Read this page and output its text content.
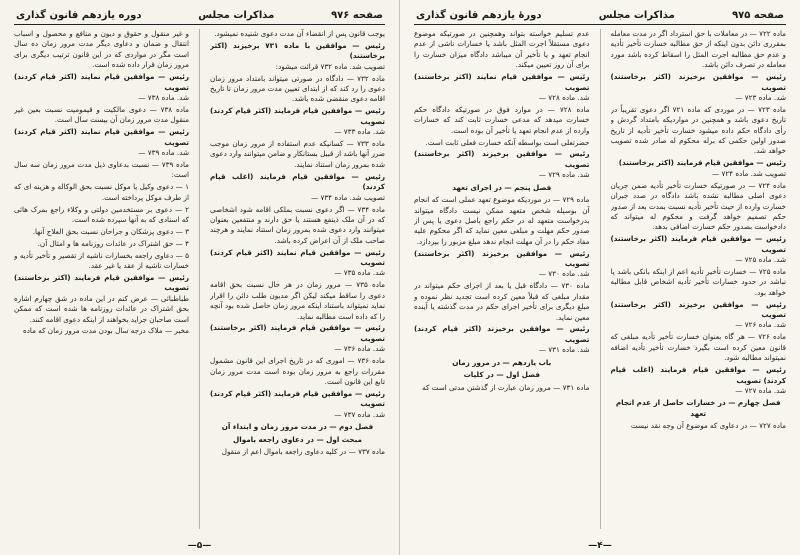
صفحه ۹۷۶
مذاکرات مجلس
دوره یازدهم قانون گذاری

یوجب قانون پس از انقضاء آن مدت دعوی شنیده نمیشود.

رئیس — موافقین با ماده ۷۳۱ برخیزند (اکثر برخاستند)

تصویب شد. ماده ۷۳۲ قرائت میشود:

ماده ۷۳۲ — دادگاه در صورتی میتواند بامتداد مرور زمان دعوی را رد کند که از ابتدای تعیین مدت مرور زمان تا تاریخ اقامه دعوی منقضی شده باشد.

رئیس — موافقین قیام فرمایند (اکثر قیام کردند) تصویب

شد. ماده ۷۳۳ —

ماده ۷۳۳ — کسانیکه عدم استفاده از مرور زمان موجب ضرر آنها باشد از قبیل بستانکار و ضامن میتوانند وارد دعوی شده بمرور زمان استناد نمایند.

رئیس — موافقین قیام فرمایند (اغلب قیام کردند)

تصویب شد. ماده ۷۳۴ —

ماده ۷۳۴ — اگر دعوی نسبت بملکی اقامه شود اشخاصی که در آن ملک ذینفع هستند یا حق دارند و منتفعین بعنوان میتوانند وارد دعوی شده بمرور زمان استناد نمایند و هرچند صاحب ملک از آن اعراض کرده باشد.

رئیس — موافقین قیام نمایند (اکثر قیام کردند) تصویب

شد. ماده ۷۳۵ —

ماده ۷۳۵ — مرور زمان در هر حال نسبت بحق اقامه دعوی را ساقط میکند لیکن اگر مدیون طلب دائن را اقرار نماید نمیتواند باستناد اینکه مرور زمان حاصل شده بود آنچه را که داده است مطالبه نماید.

رئیس — موافقین قیام فرمایند (اکثر برخاستند) تصویب

شد. ماده ۷۳۶ —

ماده ۷۳۶ — اموری که در تاریخ اجرای این قانون مشمول مقررات راجع به مرور زمان بوده است مدت مرور زمان تابع این قانون است.

رئیس — موافقین قیام فرمایند (اکثر قیام کردند) تصویب

شد. ماده ۷۳۷ —

فصل دوم — در مدت مرور زمان و ابتداء آن

مبحث اول — در دعاوی راجعه باموال

ماده ۷۳۷ — در کلیه دعاوی راجعه باموال اعم از منقول

و غیر منقول و حقوق و دیون و منافع و محصول و اسباب انتقال و ضمان و دعاوی دیگر مدت مرور زمان ده سال است مگر در مواردی که در این قانون ترتیب دیگری برای مرور زمان قرار داده شده است.

رئیس — موافقین قیام نمایند (اکثر قیام کردند) تصویب

شد. ماده ۷۳۸ —

ماده ۷۳۸ — دعوی مالکیت و قیمومیت نسبت بعین غیر منقول مدت مرور زمان آن بیست سال است.

رئیس — موافقین قیام نمایند (اکثر قیام کردند) تصویب

شد. ماده ۷۳۹ —

ماده ۷۳۹ — نسبت بدعاوی ذیل مدت مرور زمان سه سال است:

۱ — دعوی وکیل یا موکل نسبت بحق الوکاله و هزینه ای که از طرف موکل پرداخته است.

۲ — دعوی بر مستخدمین دولتی و وکلاء راجع بمرک هائی که اسنادی که به آنها سپرده شده است.

۳ — دعوی پزشکان و جراحان نسبت بحق العلاج آنها.

۴ — حق اشتراک در عائدات روزنامه ها و امثال آن.

۵ — دعاوی راجعه بخسارات ناشیه از تقصیر و تأخیر تأدیه و خسارات ناشیه از عقد یا غیر عقد.

رئیس — موافقین قیام فرمایند (اکثر برخاستند) تصویب

طباطبائی — عرض کنم در این ماده در شق چهارم اشاره بحق اشتراک در عائدات روزنامه ها شده است که ممکن است صاحبان جراید بخواهند از اینکه دعوی اقامه کنند.

مخبر — ملاک درجه سال بودن مدت مرور زمان که ماده

—۵—
صفحه ۹۷۵
مذاکرات مجلس
دورهٔ یازدهم قانون گذاری

ماده ۷۲۲ — در معاملات با حق استرداد اگر در مدت معامله بمقرری دائن بدون اینکه از حق مطالبه خسارت تأخیر تأدیه و عدم حق مطالبه اجرت المثل را اسقاط کرده باشد مورد معامله در تصرف دائن باشد.

رئیس — موافقین برخیزند (اکثر برخاستند) تصویب

شد. ماده ۷۲۳ —

ماده ۷۲۳ — در موردی که ماده ۷۲۱ اگر دعوی تقریباً در تاریخ دعوی باشد و همچنین در مواردیکه بامتداد گردش و رأی دادگاه حکم داده میشود خسارت تأخیر تأدیه از تاریخ صدور اولین حکمی که برله محکوم له صادر شده تصویب خواهد شد.

رئیس — موافقین قیام فرمایند (اکثر برخاستند)

تصویب شد. ماده ۷۲۴ —

ماده ۷۲۴ — در صورتیکه خسارت تأخیر تأدیه ضمن جریان دعوی اصلی مطالبه نشده باشد دادگاه در صدد جبران خسارت وارده از حیث تأخیر تأدیه نسبت بمدت بعد از صدور حکم تصمیم خواهد گرفت و محکوم له میتواند که دادخواست بصدور حکم خسارت اضافی بدهد.

رئیس — موافقین قیام فرمایند (اکثر برخاستند) تصویب

شد. ماده ۷۲۵ —

ماده ۷۲۵ — خسارت تأخیر تأدیه اعم از اینکه بانکی باشد یا نباشد در حدود خسارات تأخیر تأدیه اشخاص قابل مطالبه خواهد بود.

رئیس — موافقین برخیزند (اکثر برخاستند) تصویب

شد. ماده ۷۲۶ —

ماده ۷۲۶ — هر گاه بعنوان خسارت تأخیر تأدیه مبلغی که قانون معین کرده است بگیرد خسارت تأخیر تأدیه اضافه نمیتواند مطالبه شود.

رئیس — موافقین قیام فرمایند (اغلب قیام کردند) تصویب

شد. ماده ۷۲۷ —

فصل چهارم — در خسارات حاصل از عدم انجام تعهد

ماده ۷۲۷ — در دعاوی که موضوع آن وجه نقد نیست

عدم تسلیم خواسته بتواند وهمچنین در صورتیکه موضوع دعوی مستقلاً اجرت المثل باشد یا خسارات ناشی از عدم انجام تعهد و یا تأخیر آن میباشد دادگاه میزان خسارت را برای آن روز تعیین میکند.

رئیس — موافقین قیام نمایند (اکثر برخاستند) تصویب

شد. ماده ۷۲۸ —

ماده ۷۲۸ — در موارد فوق در صورتیکه دادگاه حکم خسارت میدهد که مدعی خسارت ثابت کند که خسارات وارده از عدم انجام تعهد یا تأخیر آن بوده است.

حضرتعلی است بواسطه آنکه خسارت فعلی ثابت است.

رئیس — موافقین برخیزند (اکثر برخاستند) تصویب

شد. ماده ۷۲۹ —

فصل پنجم — در اجرای تعهد

ماده ۷۲۹ — در موردیکه موضوع تعهد عملی است که انجام آن بوسیله شخص متعهد ممکن نیست دادگاه میتواند بدرخواست متعهد له در حکم راجع باصل دعوی یا پس از صدور حکم مهلت و مبلغی معین نماید که اگر محکوم علیه مفاد حکم را در آن مهلت انجام ندهد مبلغ مزبور را بپردازد.

رئیس — موافقین برخیزند (اکثر برخاستند) تصویب

شد. ماده ۷۳۰ —

ماده ۷۳۰ — دادگاه قبل یا بعد از اجرای حکم میتواند در مقدار مبلغی که قبلاً معین کرده است تجدید نظر نموده و مبلغ دیگری برای تأخیر اجرای حکم در مدت گذشته یا آینده معین نماید.

رئیس — موافقین برخیزند (اکثر قیام کردند) تصویب

شد. ماده ۷۳۱ —

باب یازدهم — در مرور زمان

فصل اول — در کلیات

ماده ۷۳۱ — مرور زمان عبارت از گذشتن مدتی است که

—۴—
